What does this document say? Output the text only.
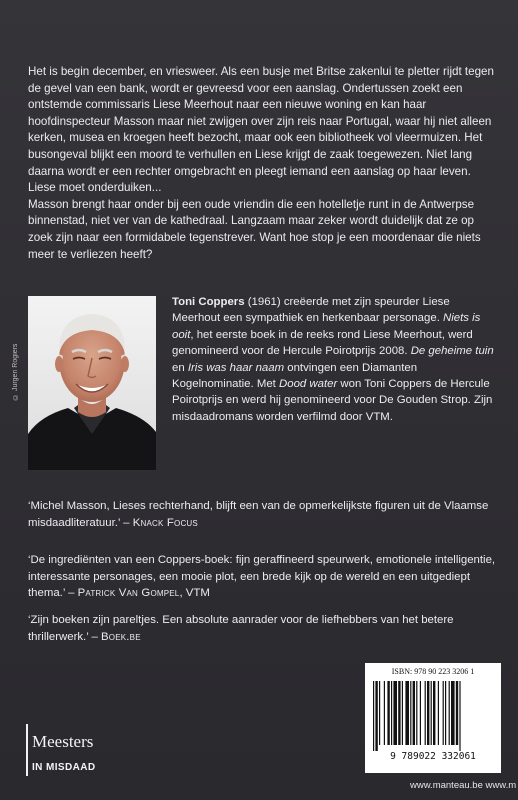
Het is begin december, en vriesweer. Als een busje met Britse zakenlui te pletter rijdt tegen de gevel van een bank, wordt er gevreesd voor een aanslag. Ondertussen zoekt een ontstemde commissaris Liese Meerhout naar een nieuwe woning en kan haar hoofdinspecteur Masson maar niet zwijgen over zijn reis naar Portugal, waar hij niet alleen kerken, musea en kroegen heeft bezocht, maar ook een bibliotheek vol vleermuizen. Het busongeval blijkt een moord te verhullen en Liese krijgt de zaak toegewezen. Niet lang daarna wordt er een rechter omgebracht en pleegt iemand een aanslag op haar leven. Liese moet onderduiken...

Masson brengt haar onder bij een oude vriendin die een hotelletje runt in de Antwerpse binnenstad, niet ver van de kathedraal. Langzaam maar zeker wordt duidelijk dat ze op zoek zijn naar een formidabele tegenstrever. Want hoe stop je een moordenaar die niets meer te verliezen heeft?

© Jurgen Rogiers
Toni Coppers (1961) creëerde met zijn speurder Liese Meerhout een sympathiek en herkenbaar personage. Niets is ooit, het eerste boek in de reeks rond Liese Meerhout, werd genomineerd voor de Hercule Poirotprijs 2008. De geheime tuin en Iris was haar naam ontvingen een Diamanten Kogelnominatie. Met Dood water won Toni Coppers de Hercule Poirotprijs en werd hij genomineerd voor De Gouden Strop. Zijn misdaadromans worden verfilmd door VTM.
‘Michel Masson, Lieses rechterhand, blijft een van de opmerkelijkste figuren uit de Vlaamse misdaadliteratuur.’ – Knack Focus
‘De ingrediënten van een Coppers-boek: fijn geraffineerd speurwerk, emotionele intelligentie, interessante personages, een mooie plot, een brede kijk op de wereld en een uitgediept thema.’ – Patrick Van Gompel, VTM
‘Zijn boeken zijn pareltjes. Een absolute aanrader voor de liefhebbers van het betere thrillerwerk.’ – Boek.be
Meesters
IN MISDAAD
ISBN: 978 90 223 3206 1
9 789022 332061
www.manteau.be www.m
